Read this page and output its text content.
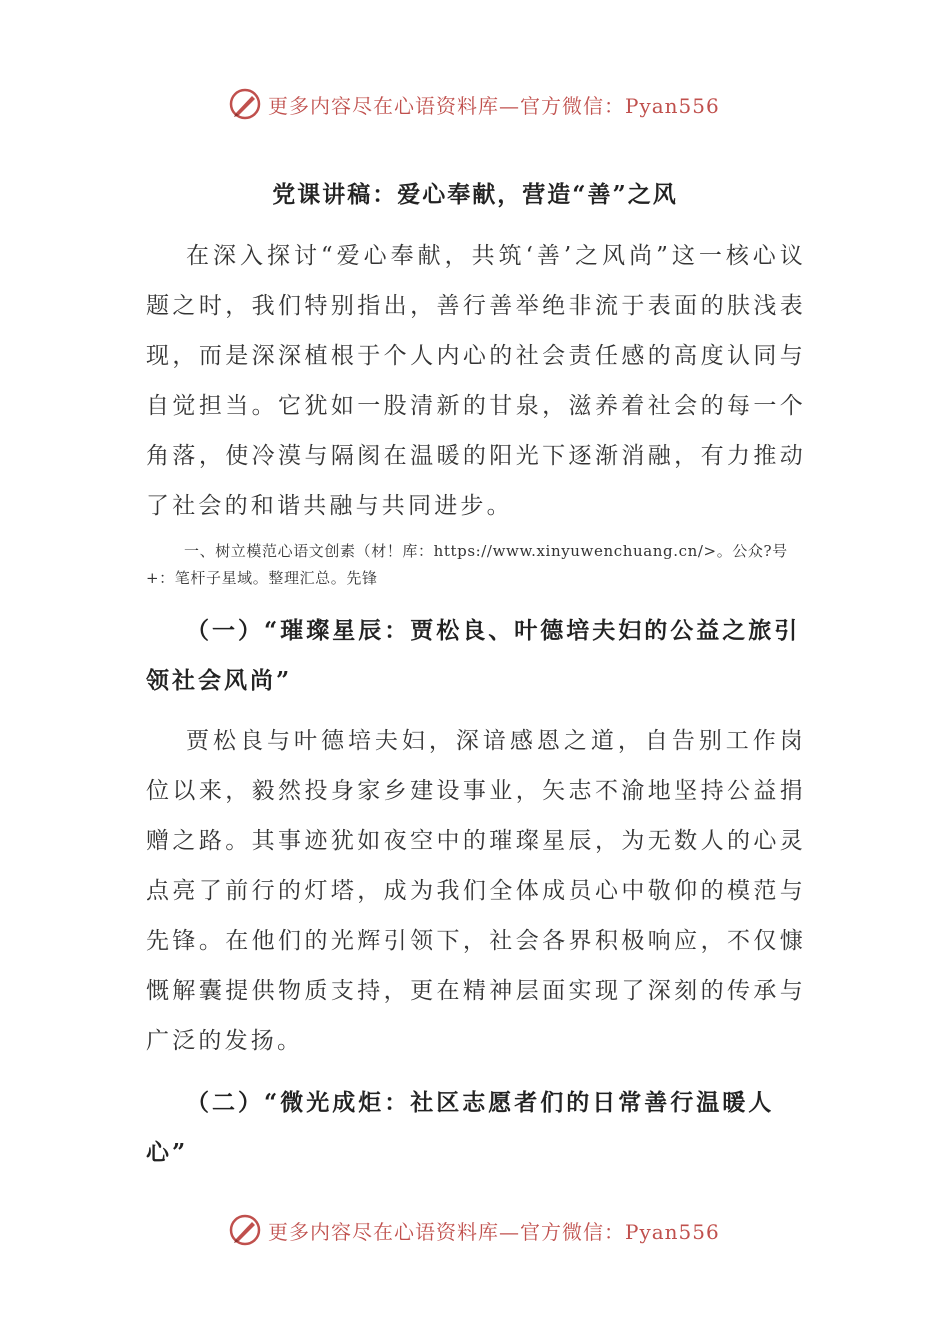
更多内容尽在心语资料库—官方微信：Pyan556
党课讲稿：爱心奉献，营造“善”之风

在深入探讨“爱心奉献，共筑‘善’之风尚”这一核心议题之时，我们特别指出，善行善举绝非流于表面的肤浅表现，而是深深植根于个人内心的社会责任感的高度认同与自觉担当。它犹如一股清新的甘泉，滋养着社会的每一个角落，使冷漠与隔阂在温暖的阳光下逐渐消融，有力推动了社会的和谐共融与共同进步。

一、树立模范心语文创素（材！库：https://www.xinyuwenchuang.cn/>。公众?号+：笔杆子星域。整理汇总。先锋

（一）“璀璨星辰：贾松良、叶德培夫妇的公益之旅引领社会风尚”

贾松良与叶德培夫妇，深谙感恩之道，自告别工作岗位以来，毅然投身家乡建设事业，矢志不渝地坚持公益捐赠之路。其事迹犹如夜空中的璀璨星辰，为无数人的心灵点亮了前行的灯塔，成为我们全体成员心中敬仰的模范与先锋。在他们的光辉引领下，社会各界积极响应，不仅慷慨解囊提供物质支持，更在精神层面实现了深刻的传承与广泛的发扬。

（二）“微光成炬：社区志愿者们的日常善行温暖人心”

更多内容尽在心语资料库—官方微信：Pyan556
